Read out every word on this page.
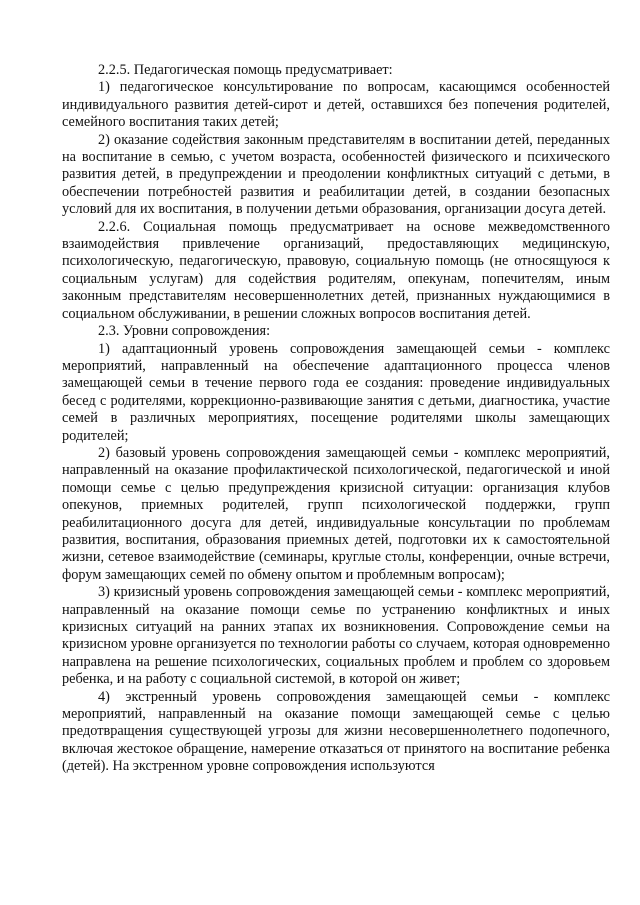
2.2.5. Педагогическая помощь предусматривает:

1) педагогическое консультирование по вопросам, касающимся особенностей индивидуального развития детей-сирот и детей, оставшихся без попечения родителей, семейного воспитания таких детей;

2) оказание содействия законным представителям в воспитании детей, переданных на воспитание в семью, с учетом возраста, особенностей физического и психического развития детей, в предупреждении и преодолении конфликтных ситуаций с детьми, в обеспечении потребностей развития и реабилитации детей, в создании безопасных условий для их воспитания, в получении детьми образования, организации досуга детей.

2.2.6. Социальная помощь предусматривает на основе межведомственного взаимодействия привлечение организаций, предоставляющих медицинскую, психологическую, педагогическую, правовую, социальную помощь (не относящуюся к социальным услугам) для содействия родителям, опекунам, попечителям, иным законным представителям несовершеннолетних детей, признанных нуждающимися в социальном обслуживании, в решении сложных вопросов воспитания детей.

2.3. Уровни сопровождения:

1) адаптационный уровень сопровождения замещающей семьи - комплекс мероприятий, направленный на обеспечение адаптационного процесса членов замещающей семьи в течение первого года ее создания: проведение индивидуальных бесед с родителями, коррекционно-развивающие занятия с детьми, диагностика, участие семей в различных мероприятиях, посещение родителями школы замещающих родителей;

2) базовый уровень сопровождения замещающей семьи - комплекс мероприятий, направленный на оказание профилактической психологической, педагогической и иной помощи семье с целью предупреждения кризисной ситуации: организация клубов опекунов, приемных родителей, групп психологической поддержки, групп реабилитационного досуга для детей, индивидуальные консультации по проблемам развития, воспитания, образования приемных детей, подготовки их к самостоятельной жизни, сетевое взаимодействие (семинары, круглые столы, конференции, очные встречи, форум замещающих семей по обмену опытом и проблемным вопросам);

3) кризисный уровень сопровождения замещающей семьи - комплекс мероприятий, направленный на оказание помощи семье по устранению конфликтных и иных кризисных ситуаций на ранних этапах их возникновения. Сопровождение семьи на кризисном уровне организуется по технологии работы со случаем, которая одновременно направлена на решение психологических, социальных проблем и проблем со здоровьем ребенка, и на работу с социальной системой, в которой он живет;

4) экстренный уровень сопровождения замещающей семьи - комплекс мероприятий, направленный на оказание помощи замещающей семье с целью предотвращения существующей угрозы для жизни несовершеннолетнего подопечного, включая жестокое обращение, намерение отказаться от принятого на воспитание ребенка (детей). На экстренном уровне сопровождения используются
